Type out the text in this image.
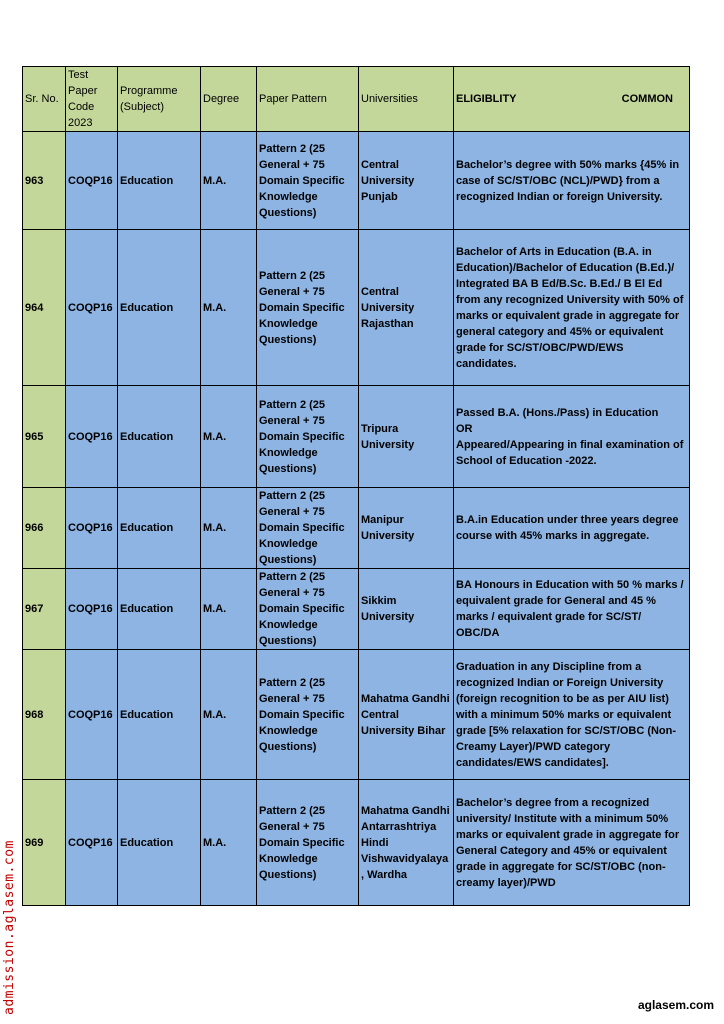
Sr. No.	Test Paper Code 2023	Programme (Subject)	Degree	Paper Pattern	Universities	ELIGIBLITY COMMON

963	COQP16	Education	M.A.	Pattern 2 (25 General + 75 Domain Specific Knowledge Questions)	Central University Punjab	Bachelor’s degree with 50% marks {45% in case of SC/ST/OBC (NCL)/PWD} from a recognized Indian or foreign University.
964	COQP16	Education	M.A.	Pattern 2 (25 General + 75 Domain Specific Knowledge Questions)	Central University Rajasthan	Bachelor of Arts in Education (B.A. in Education)/Bachelor of Education (B.Ed.)/ Integrated BA B Ed/B.Sc. B.Ed./ B El Ed from any recognized University with 50% of marks or equivalent grade in aggregate for general category and 45% or equivalent grade for SC/ST/OBC/PWD/EWS candidates.
965	COQP16	Education	M.A.	Pattern 2 (25 General + 75 Domain Specific Knowledge Questions)	Tripura University	Passed B.A. (Hons./Pass) in Education
OR
Appeared/Appearing in final examination of School of Education -2022.
966	COQP16	Education	M.A.	Pattern 2 (25 General + 75 Domain Specific Knowledge Questions)	Manipur University	B.A.in Education under three years degree course with 45% marks in aggregate.
967	COQP16	Education	M.A.	Pattern 2 (25 General + 75 Domain Specific Knowledge Questions)	Sikkim University	BA Honours in Education with 50 % marks / equivalent grade for General and 45 % marks / equivalent grade for SC/ST/ OBC/DA
968	COQP16	Education	M.A.	Pattern 2 (25 General + 75 Domain Specific Knowledge Questions)	Mahatma Gandhi Central University Bihar	Graduation in any Discipline from a recognized Indian or Foreign University (foreign recognition to be as per AIU list) with a minimum 50% marks or equivalent grade [5% relaxation for SC/ST/OBC (Non-Creamy Layer)/PWD category candidates/EWS candidates].
969	COQP16	Education	M.A.	Pattern 2 (25 General + 75 Domain Specific Knowledge Questions)	Mahatma Gandhi Antarrashtriya Hindi Vishwavidyalaya, Wardha	Bachelor’s degree from a recognized university/ Institute with a minimum 50% marks or equivalent grade in aggregate for General Category and 45% or equivalent grade in aggregate for SC/ST/OBC (non-creamy layer)/PWD
admission.aglasem.com	aglasem.com
